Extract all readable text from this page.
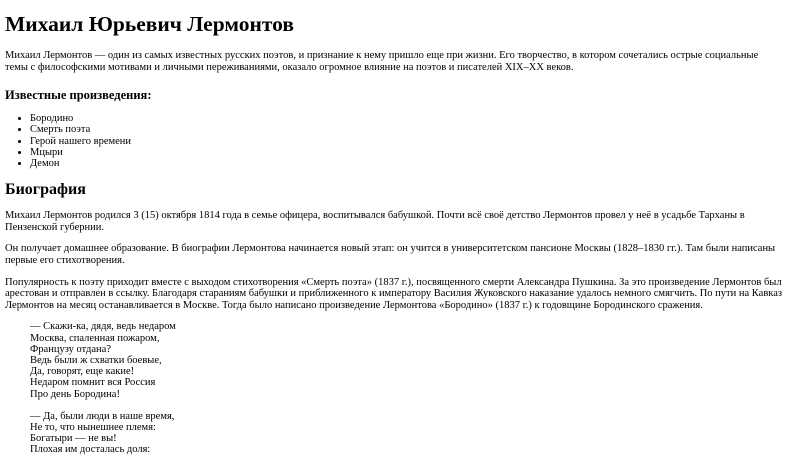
Михаил Юрьевич Лермонтов

Михаил Лермонтов — один из самых известных русских поэтов, и признание к нему пришло еще при жизни. Его творчество, в котором сочетались острые социальные темы с философскими мотивами и личными переживаниями, оказало огромное влияние на поэтов и писателей XIX–XX веков.

Известные произведения:
• Бородино
• Смерть поэта
• Герой нашего времени
• Мцыри
• Демон
Биография

Михаил Лермонтов родился 3 (15) октября 1814 года в семье офицера, воспитывался бабушкой. Почти всё своё детство Лермонтов провел у неё в усадьбе Тарханы в Пензенской губернии.

Он получает домашнее образование. В биографии Лермонтова начинается новый этап: он учится в университетском пансионе Москвы (1828–1830 гг.). Там были написаны первые его стихотворения.

Популярность к поэту приходит вместе с выходом стихотворения «Смерть поэта» (1837 г.), посвященного смерти Александра Пушкина. За это произведение Лермонтов был арестован и отправлен в ссылку. Благодаря стараниям бабушки и приближенного к императору Василия Жуковского наказание удалось немного смягчить. По пути на Кавказ Лермонтов на месяц останавливается в Москве. Тогда было написано произведение Лермонтова «Бородино» (1837 г.) к годовщине Бородинского сражения.

— Скажи-ка, дядя, ведь недаром
Москва, спаленная пожаром,
Французу отдана?
Ведь были ж схватки боевые,
Да, говорят, еще какие!
Недаром помнит вся Россия
Про день Бородина!

— Да, были люди в наше время,
Не то, что нынешнее племя:
Богатыри — не вы!
Плохая им досталась доля:
